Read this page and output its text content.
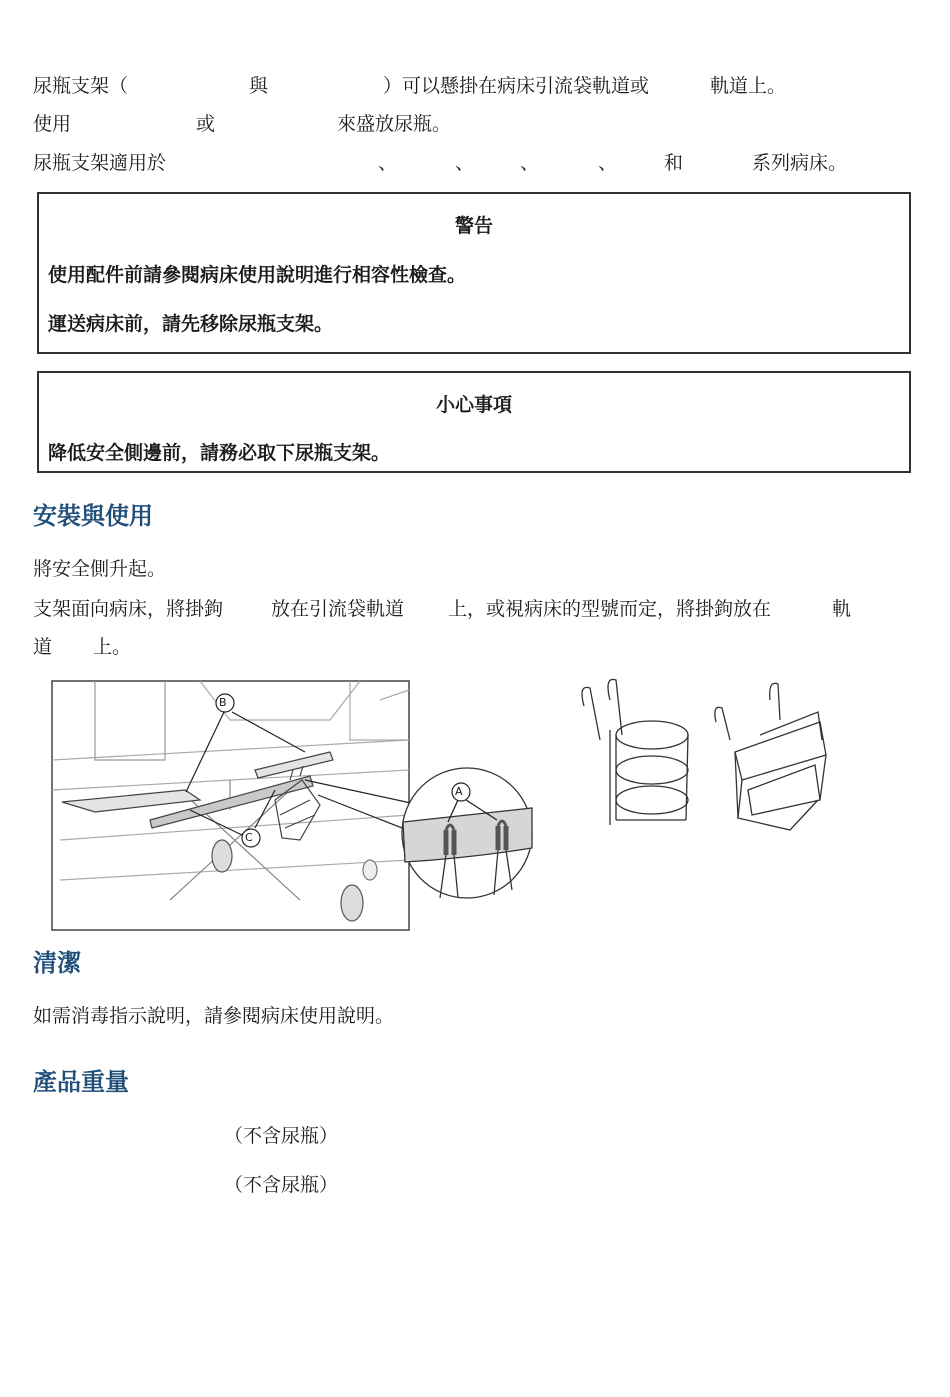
尿瓶支架（	與	）可以懸掛在病床引流袋軌道或	軌道上。
使用	或	來盛放尿瓶。
尿瓶支架適用於	、	、 、	、 和	系列病床。
警告
使用配件前請參閱病床使用說明進行相容性檢查。
運送病床前，請先移除尿瓶支架。
小心事項
降低安全側邊前，請務必取下尿瓶支架。
安裝與使用
將安全側升起。
支架面向病床，將掛鉤	放在引流袋軌道 上，或視病床的型號而定，將掛鉤放在	軌
道 上。
B
C
A
清潔
如需消毒指示說明，請參閱病床使用說明。
產品重量
（不含尿瓶）
（不含尿瓶）
